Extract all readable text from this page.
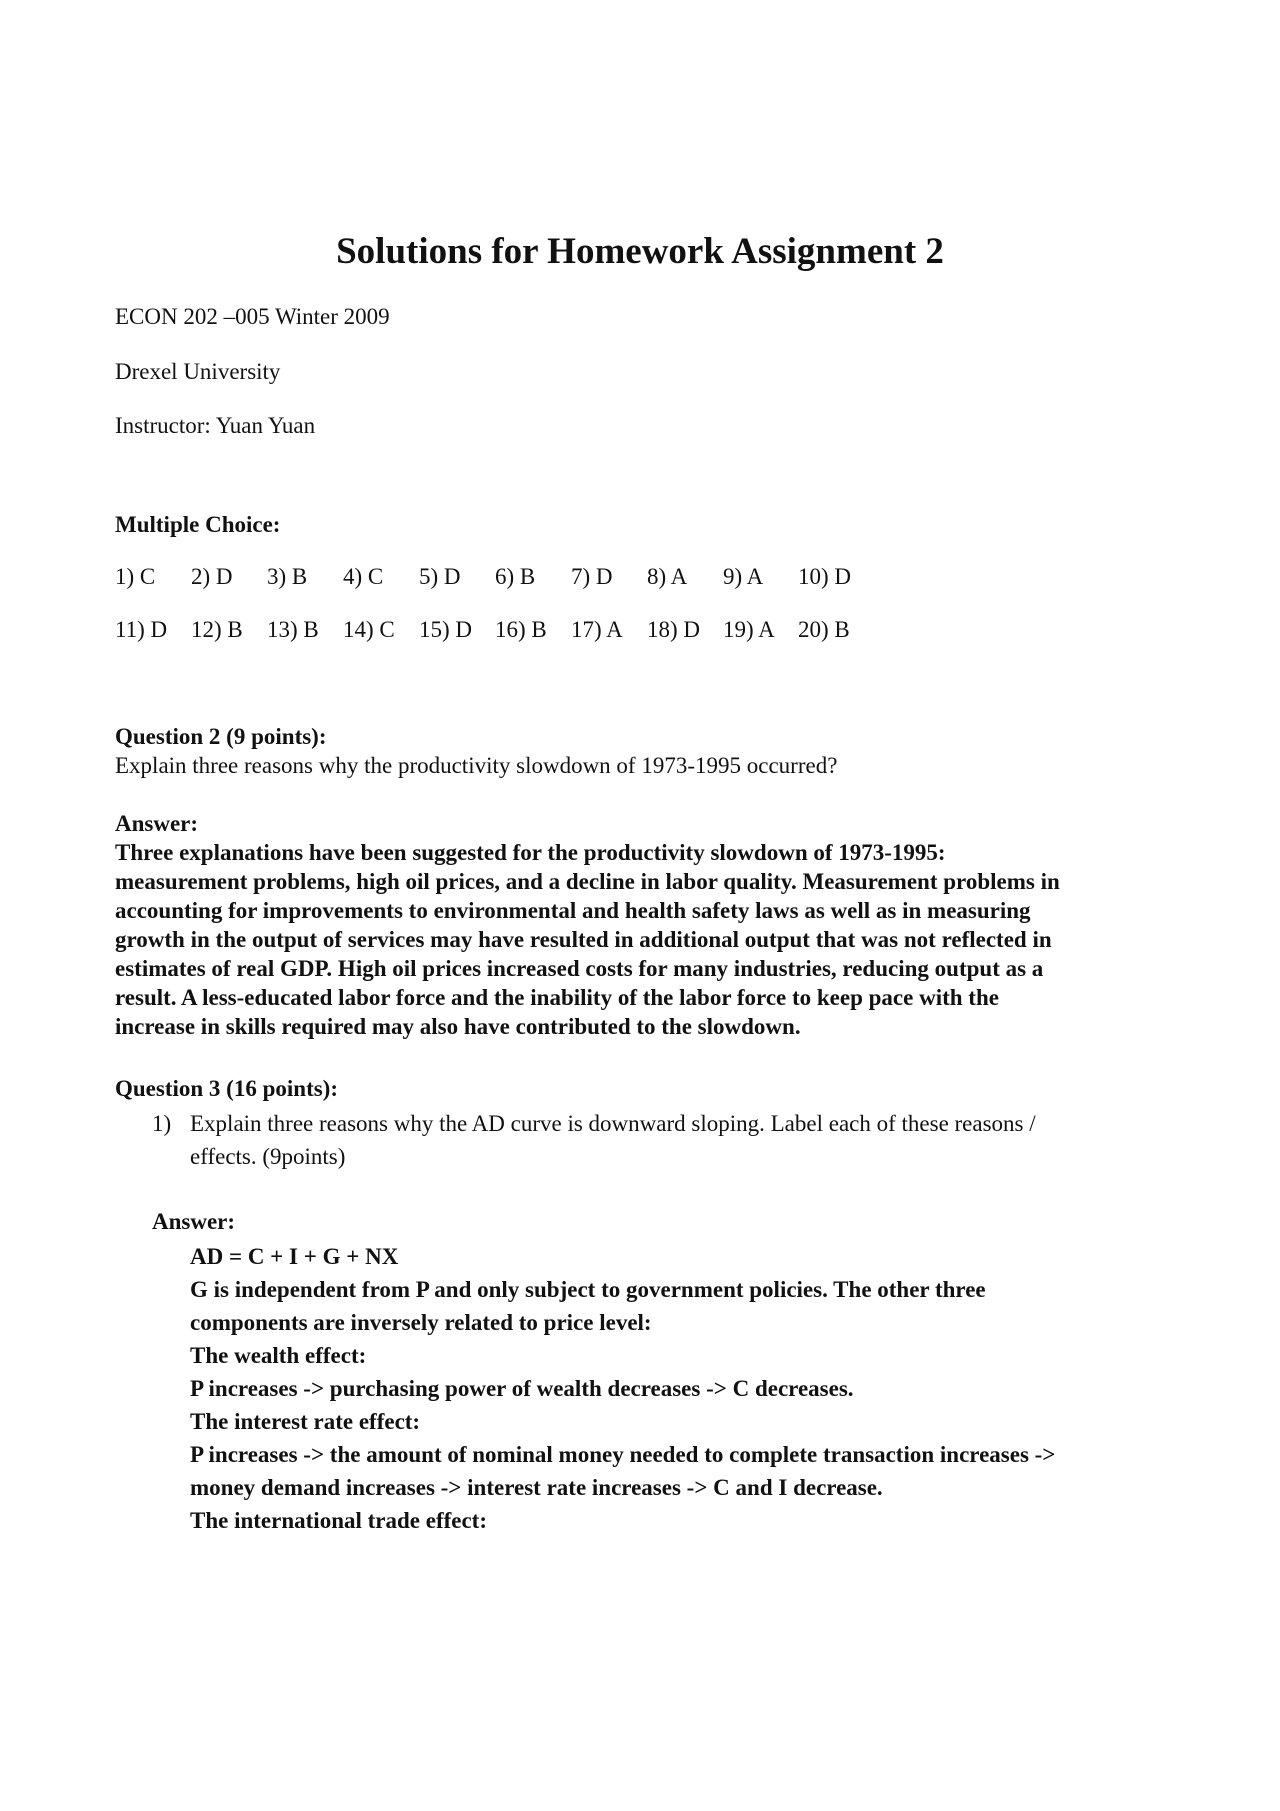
Solutions for Homework Assignment 2

ECON 202 –005 Winter 2009

Drexel University

Instructor: Yuan Yuan

Multiple Choice:
1) C 2) D 3) B 4) C 5) D 6) B 7) D 8) A 9) A 10) D
11) D 12) B 13) B 14) C 15) D 16) B 17) A 18) D 19) A 20) B
Question 2 (9 points):

Explain three reasons why the productivity slowdown of 1973-1995 occurred?

Answer:

Three explanations have been suggested for the productivity slowdown of 1973-1995:
measurement problems, high oil prices, and a decline in labor quality. Measurement problems in
accounting for improvements to environmental and health safety laws as well as in measuring
growth in the output of services may have resulted in additional output that was not reflected in
estimates of real GDP. High oil prices increased costs for many industries, reducing output as a
result. A less-educated labor force and the inability of the labor force to keep pace with the
increase in skills required may also have contributed to the slowdown.
Question 3 (16 points):
1) Explain three reasons why the AD curve is downward sloping. Label each of these reasons /
effects. (9points)

Answer:

AD = C + I + G + NX
G is independent from P and only subject to government policies. The other three
components are inversely related to price level:
The wealth effect:
P increases -> purchasing power of wealth decreases -> C decreases.
The interest rate effect:
P increases -> the amount of nominal money needed to complete transaction increases ->
money demand increases -> interest rate increases -> C and I decrease.
The international trade effect:
